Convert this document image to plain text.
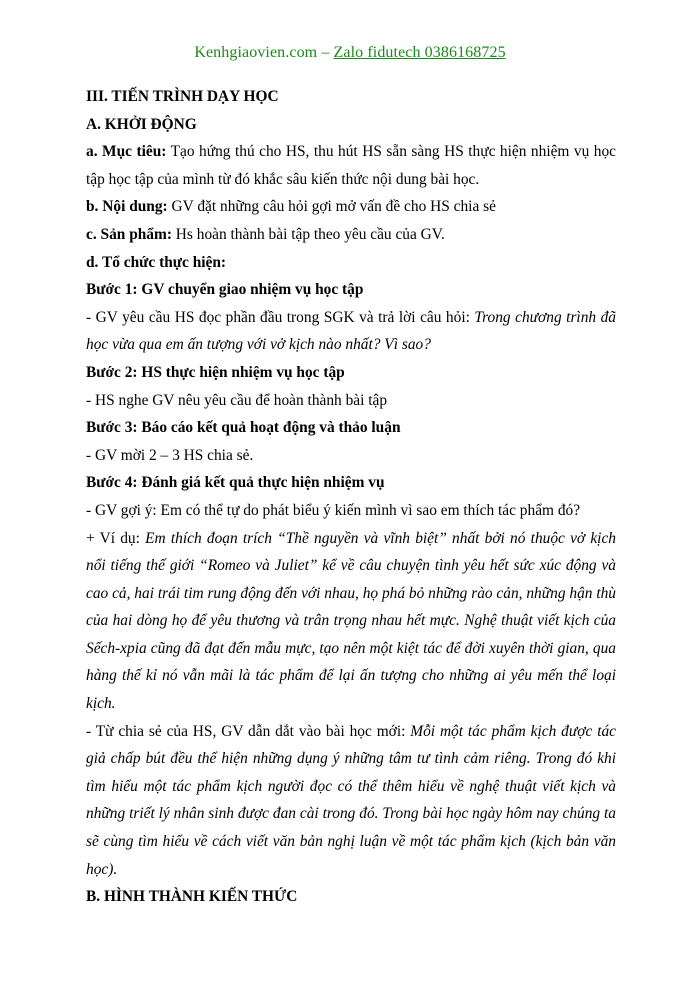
Kenhgiaovien.com – Zalo fidutech 0386168725

III. TIẾN TRÌNH DẠY HỌC

A. KHỞI ĐỘNG

a. Mục tiêu: Tạo hứng thú cho HS, thu hút HS sẵn sàng HS thực hiện nhiệm vụ học tập học tập của mình từ đó khắc sâu kiến thức nội dung bài học.

b. Nội dung: GV đặt những câu hỏi gợi mở vấn đề cho HS chia sẻ

c. Sản phẩm: Hs hoàn thành bài tập theo yêu cầu của GV.

d. Tổ chức thực hiện:

Bước 1: GV chuyển giao nhiệm vụ học tập

- GV yêu cầu HS đọc phần đầu trong SGK và trả lời câu hỏi: Trong chương trình đã học vừa qua em ấn tượng với vở kịch nào nhất? Vì sao?

Bước 2: HS thực hiện nhiệm vụ học tập

- HS nghe GV nêu yêu cầu để hoàn thành bài tập

Bước 3: Báo cáo kết quả hoạt động và thảo luận

- GV mời 2 – 3 HS chia sẻ.

Bước 4: Đánh giá kết quả thực hiện nhiệm vụ

- GV gợi ý: Em có thể tự do phát biểu ý kiến mình vì sao em thích tác phẩm đó?

+ Ví dụ: Em thích đoạn trích “Thề nguyền và vĩnh biệt” nhất bởi nó thuộc vở kịch nổi tiếng thế giới “Romeo và Juliet” kể về câu chuyện tình yêu hết sức xúc động và cao cả, hai trái tim rung động đến với nhau, họ phá bỏ những rào cản, những hận thù của hai dòng họ để yêu thương và trân trọng nhau hết mực. Nghệ thuật viết kịch của Sếch-xpia cũng đã đạt đến mẫu mực, tạo nên một kiệt tác để đời xuyên thời gian, qua hàng thế kỉ nó vẫn mãi là tác phẩm để lại ấn tượng cho những ai yêu mến thể loại kịch.

- Từ chia sẻ của HS, GV dẫn dắt vào bài học mới: Mỗi một tác phẩm kịch được tác giả chấp bút đều thể hiện những dụng ý những tâm tư tình cảm riêng. Trong đó khi tìm hiểu một tác phẩm kịch người đọc có thể thêm hiểu về nghệ thuật viết kịch và những triết lý nhân sinh được đan cài trong đó. Trong bài học ngày hôm nay chúng ta sẽ cùng tìm hiểu về cách viết văn bản nghị luận về một tác phẩm kịch (kịch bản văn học).

B. HÌNH THÀNH KIẾN THỨC
